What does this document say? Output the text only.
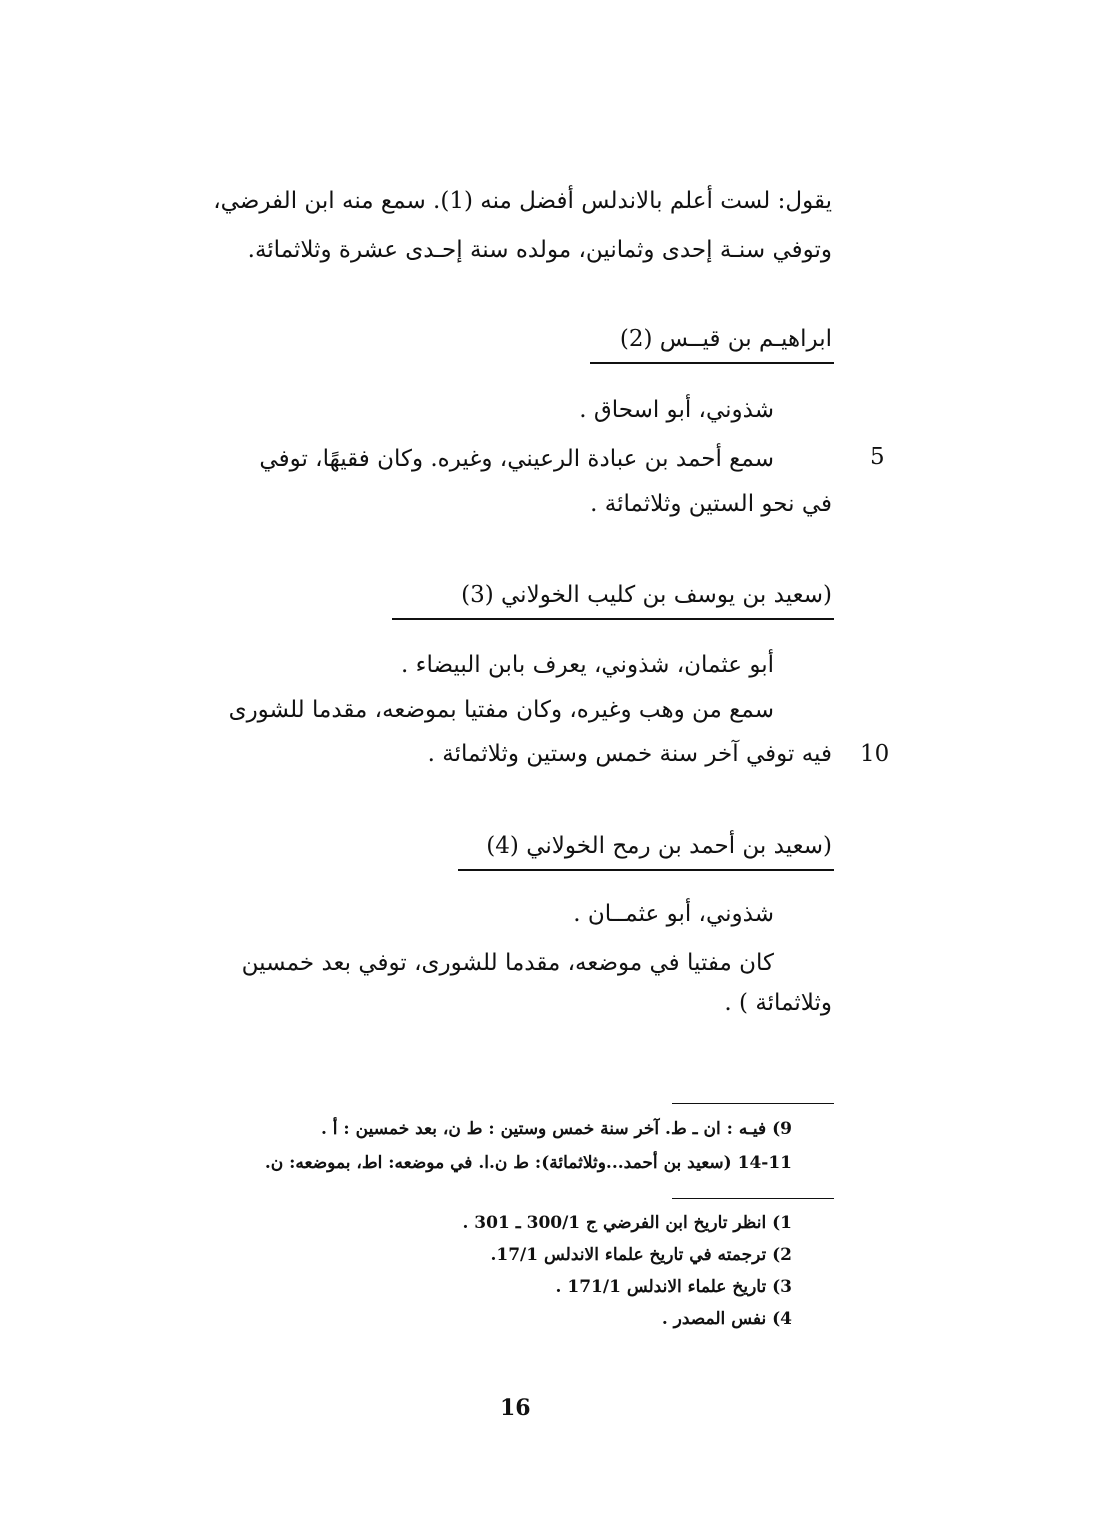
يقول: لست أعلم بالاندلس أفضل منه (1). سمع منه ابن الفرضي،
وتوفي سنـة إحدى وثمانين، مولده سنة إحـدى عشرة وثلاثمائة.
ابراهيـم بن قيــس (2)
شذوني، أبو اسحاق .
سمع أحمد بن عبادة الرعيني، وغيره. وكان فقيهًا، توفي	5
في نحو الستين وثلاثمائة .
(سعيد بن يوسف بن كليب الخولاني (3)
أبو عثمان، شذوني، يعرف بابن البيضاء .
سمع من وهب وغيره، وكان مفتيا بموضعه، مقدما للشورى
فيه توفي آخر سنة خمس وستين وثلاثمائة . 10
(سعيد بن أحمد بن رمح الخولاني (4)
شذوني، أبو عثمــان .
كان مفتيا في موضعه، مقدما للشورى، توفي بعد خمسين
وثلاثمائة ) .
9) فيـه : ان ـ ط. آخر سنة خمس وستين : ط ن، بعد خمسين : أ .
14-11 (سعيد بن أحمد...وثلاثمائة): ط ن.ا. في موضعه: اط، بموضعه: ن.
1) انظر تاريخ ابن الفرضي ج 300/1 ـ 301 .
2) ترجمته في تاريخ علماء الاندلس 17/1.
3) تاريخ علماء الاندلس 171/1 .
4) نفس المصدر .
16
